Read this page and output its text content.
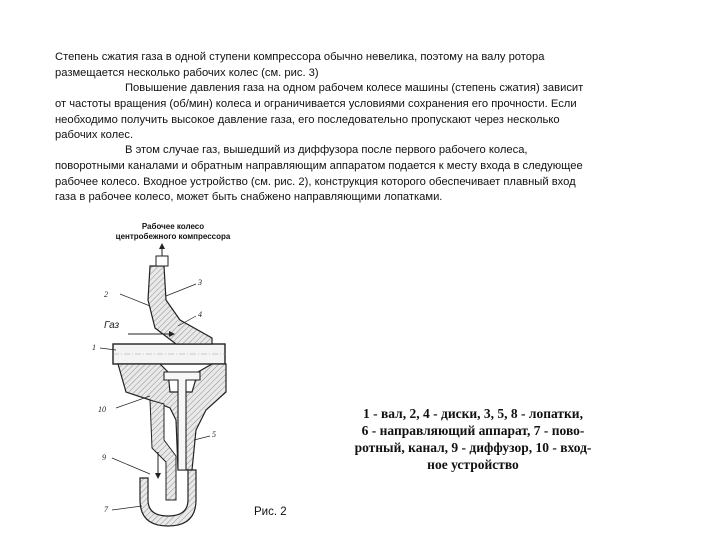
Степень сжатия газа в одной ступени компрессора обычно невелика, поэтому на валу ротора
размещается несколько рабочих колес (см. рис. 3)

Повышение давления газа на одном рабочем колесе машины (степень сжатия) зависит
от частоты вращения (об/мин) колеса и ограничивается условиями сохранения его прочности. Если
необходимо получить высокое давление газа, его последовательно пропускают через несколько
рабочих колес.

В этом случае газ, вышедший из диффузора после первого рабочего колеса,
поворотными каналами и обратным направляющим аппаратом подается к месту входа в следующее
рабочее колесо. Входное устройство (см. рис. 2), конструкция которого обеспечивает плавный вход
газа в рабочее колесо, может быть снабжено направляющими лопатками.

Рабочее колесо
центробежного компрессора
2
3
4
Газ
1
10
5
9
7
1 - вал, 2, 4 - диски, 3, 5, 8 - лопатки,
6 - направляющий аппарат, 7 - пово-
ротный, канал, 9 - диффузор, 10 - вход-
ное устройство
Рис. 2
